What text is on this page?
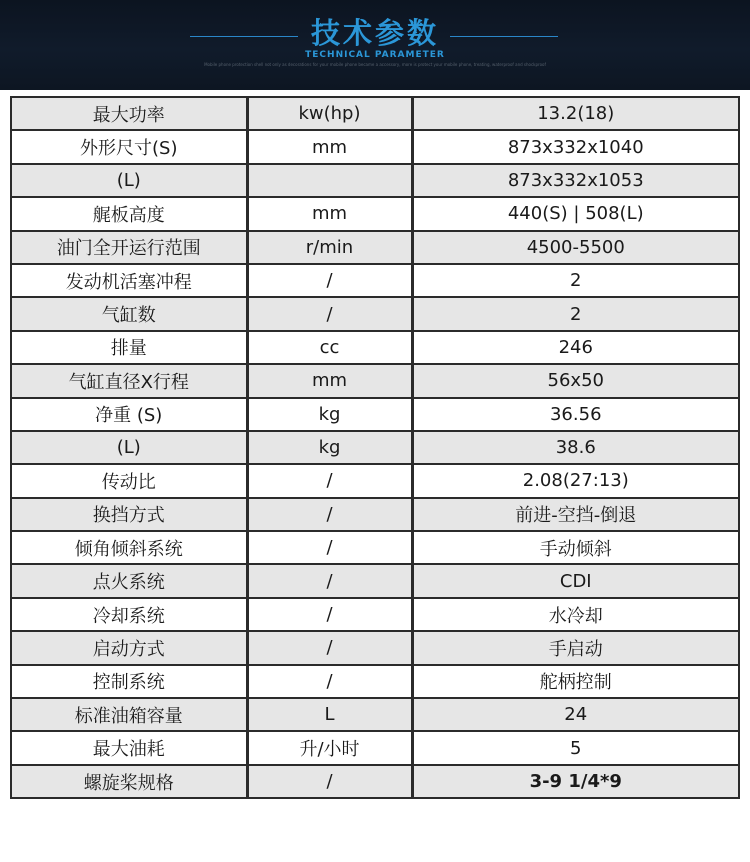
技术参数
TECHNICAL PARAMETER
Mobile phone protection shell not only as decorations for your mobile phone became a accessory, more is protect your mobile phone, treating, waterproof and shockproof
最大功率	kw(hp)	13.2(18)
外形尺寸(S)	mm	873x332x1040
(L)		873x332x1053
艉板高度	mm	440(S) | 508(L)
油门全开运行范围	r/min	4500-5500
发动机活塞冲程	/	2
气缸数	/	2
排量	cc	246
气缸直径X行程	mm	56x50
净重 (S)	kg	36.56
(L)	kg	38.6
传动比	/	2.08(27:13)
换挡方式	/	前进-空挡-倒退
倾角倾斜系统	/	手动倾斜
点火系统	/	CDI
冷却系统	/	水冷却
启动方式	/	手启动
控制系统	/	舵柄控制
标准油箱容量	L	24
最大油耗	升/小时	5
螺旋桨规格	/	3-9 1/4*9
